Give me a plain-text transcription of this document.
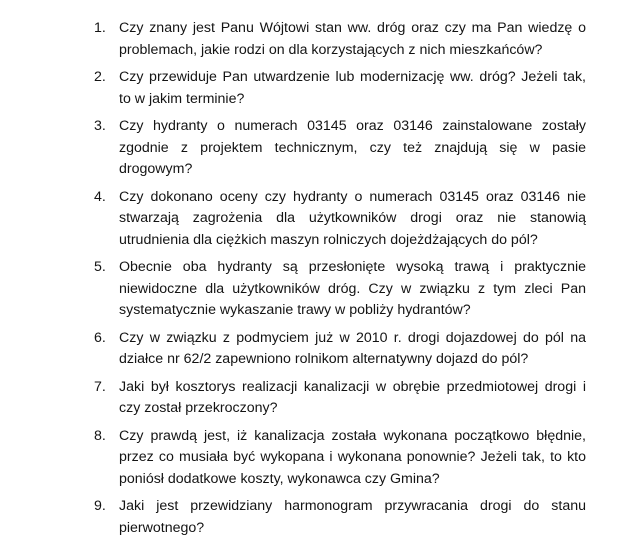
1. Czy znany jest Panu Wójtowi stan ww. dróg oraz czy ma Pan wiedzę o problemach, jakie rodzi on dla korzystających z nich mieszkańców?
2. Czy przewiduje Pan utwardzenie lub modernizację ww. dróg? Jeżeli tak, to w jakim terminie?
3. Czy hydranty o numerach 03145 oraz 03146 zainstalowane zostały zgodnie z projektem technicznym, czy też znajdują się w pasie drogowym?
4. Czy dokonano oceny czy hydranty o numerach 03145 oraz 03146 nie stwarzają zagrożenia dla użytkowników drogi oraz nie stanowią utrudnienia dla ciężkich maszyn rolniczych dojeżdżających do pól?
5. Obecnie oba hydranty są przesłonięte wysoką trawą i praktycznie niewidoczne dla użytkowników dróg. Czy w związku z tym zleci Pan systematycznie wykaszanie trawy w pobliży hydrantów?
6. Czy w związku z podmyciem już w 2010 r. drogi dojazdowej do pól na działce nr 62/2 zapewniono rolnikom alternatywny dojazd do pól?
7. Jaki był kosztorys realizacji kanalizacji w obrębie przedmiotowej drogi i czy został przekroczony?
8. Czy prawdą jest, iż kanalizacja została wykonana początkowo błędnie, przez co musiała być wykopana i wykonana ponownie? Jeżeli tak, to kto poniósł dodatkowe koszty, wykonawca czy Gmina?
9. Jaki jest przewidziany harmonogram przywracania drogi do stanu pierwotnego?
